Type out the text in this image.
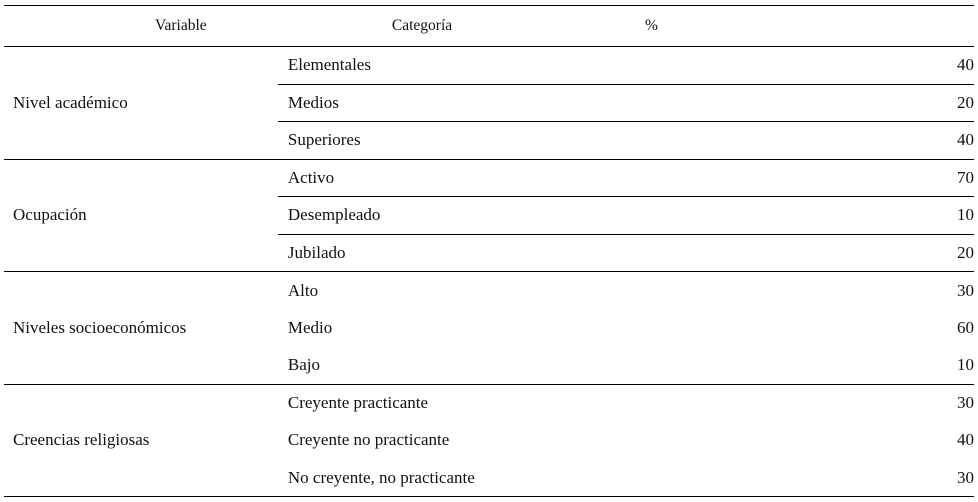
Variable	Categoría	%
Nivel académico	Elementales	40
	Medios	20
	Superiores	40
Ocupación	Activo	70
	Desempleado	10
	Jubilado	20
Niveles socioeconómicos	Alto	30
	Medio	60
	Bajo	10
Creencias religiosas	Creyente practicante	30
	Creyente no practicante	40
	No creyente, no practicante	30
